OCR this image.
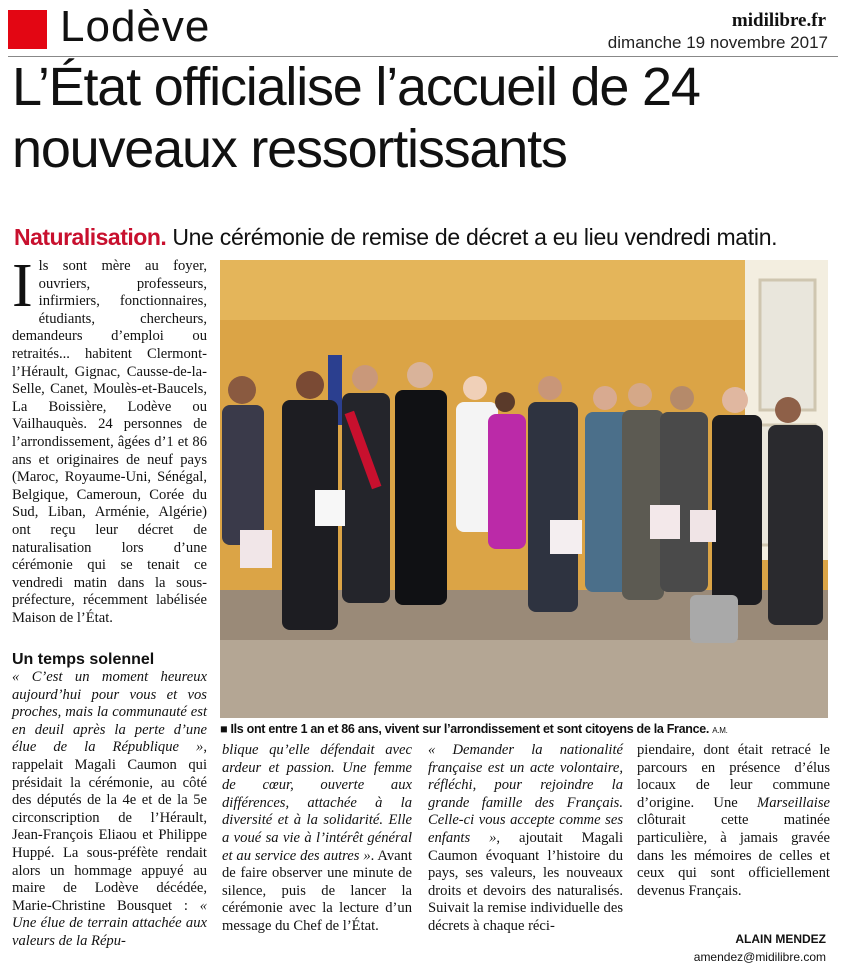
Lodève	midilibre.fr
dimanche 19 novembre 2017
L’État officialise l’accueil de 24 nouveaux ressortissants
Naturalisation. Une cérémonie de remise de décret a eu lieu vendredi matin.
I ls sont mère au foyer, ouvriers, professeurs, infirmiers, fonctionnaires, étudiants, chercheurs, demandeurs d’emploi ou retraités... habitent Clermont-l’Hérault, Gignac, Causse-de-la-Selle, Canet, Moulès-et-Baucels, La Boissière, Lodève ou Vailhauquès. 24 personnes de l’arrondissement, âgées d’1 et 86 ans et originaires de neuf pays (Maroc, Royaume-Uni, Sénégal, Belgique, Cameroun, Corée du Sud, Liban, Arménie, Algérie) ont reçu leur décret de naturalisation lors d’une cérémonie qui se tenait ce vendredi matin dans la sous-préfecture, récemment labélisée Maison de l’État.
Un temps solennel
« C’est un moment heureux aujourd’hui pour vous et vos proches, mais la communauté est en deuil après la perte d’une élue de la République », rappelait Magali Caumon qui présidait la cérémonie, au côté des députés de la 4e et de la 5e circonscription de l’Hérault, Jean-François Eliaou et Philippe Huppé. La sous-préfète rendait alors un hommage appuyé au maire de Lodève décédée, Marie-Christine Bousquet : « Une élue de terrain attachée aux valeurs de la Répu-
■ Ils ont entre 1 an et 86 ans, vivent sur l’arrondissement et sont citoyens de la France. A.M.
blique qu’elle défendait avec ardeur et passion. Une femme de cœur, ouverte aux différences, attachée à la diversité et à la solidarité. Elle a voué sa vie à l’intérêt général et au service des autres ». Avant de faire observer une minute de silence, puis de lancer la cérémonie avec la lecture d’un message du Chef de l’État.
« Demander la nationalité française est un acte volontaire, réfléchi, pour rejoindre la grande famille des Français. Celle-ci vous accepte comme ses enfants », ajoutait Magali Caumon évoquant l’histoire du pays, ses valeurs, les nouveaux droits et devoirs des naturalisés. Suivait la remise individuelle des décrets à chaque réci-
piendaire, dont était retracé le parcours en présence d’élus locaux de leur commune d’origine. Une Marseillaise clôturait cette matinée particulière, à jamais gravée dans les mémoires de celles et ceux qui sont officiellement devenus Français.
ALAIN MENDEZ
amendez@midilibre.com
